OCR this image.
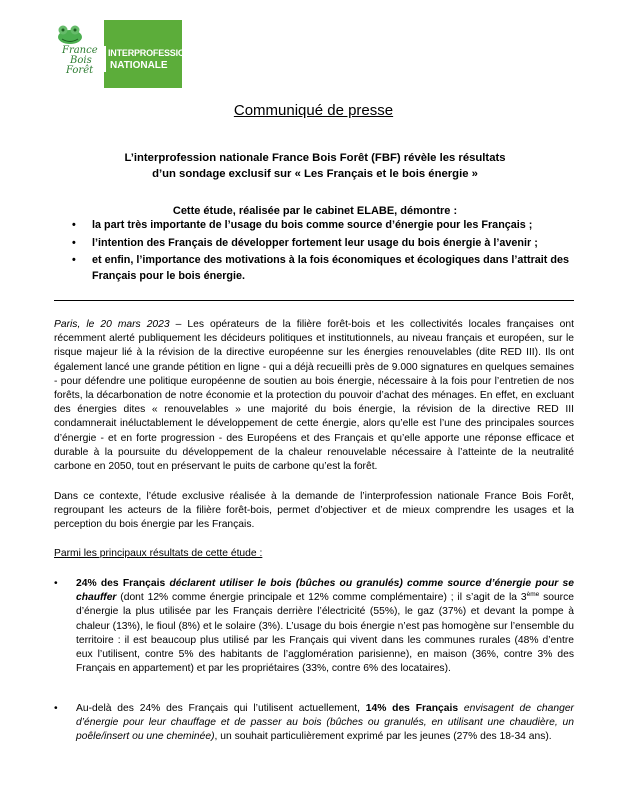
France
Bois
Forêt
INTERPROFESSION
NATIONALE
Communiqué de presse
L’interprofession nationale France Bois Forêt (FBF) révèle les résultats
d’un sondage exclusif sur « Les Français et le bois énergie »
Cette étude, réalisée par le cabinet ELABE, démontre :
• la part très importante de l’usage du bois comme source d’énergie pour les Français ;
• l’intention des Français de développer fortement leur usage du bois énergie à l’avenir ;
• et enfin, l’importance des motivations à la fois économiques et écologiques dans l’attrait des Français pour le bois énergie.

Paris, le 20 mars 2023 – Les opérateurs de la filière forêt-bois et les collectivités locales françaises ont récemment alerté publiquement les décideurs politiques et institutionnels, au niveau français et européen, sur le risque majeur lié à la révision de la directive européenne sur les énergies renouvelables (dite RED III). Ils ont également lancé une grande pétition en ligne - qui a déjà recueilli près de 9.000 signatures en quelques semaines - pour défendre une politique européenne de soutien au bois énergie, nécessaire à la fois pour l’entretien de nos forêts, la décarbonation de notre économie et la protection du pouvoir d’achat des ménages. En effet, en excluant des énergies dites « renouvelables » une majorité du bois énergie, la révision de la directive RED III condamnerait inéluctablement le développement de cette énergie, alors qu’elle est l’une des principales sources d’énergie - et en forte progression - des Européens et des Français et qu’elle apporte une réponse efficace et durable à la poursuite du développement de la chaleur renouvelable nécessaire à l’atteinte de la neutralité carbone en 2050, tout en préservant le puits de carbone qu’est la forêt.

Dans ce contexte, l’étude exclusive réalisée à la demande de l’interprofession nationale France Bois Forêt, regroupant les acteurs de la filière forêt-bois, permet d’objectiver et de mieux comprendre les usages et la perception du bois énergie par les Français.

Parmi les principaux résultats de cette étude :

• 24% des Français déclarent utiliser le bois (bûches ou granulés) comme source d’énergie pour se chauffer (dont 12% comme énergie principale et 12% comme complémentaire) ; il s’agit de la 3ème source d’énergie la plus utilisée par les Français derrière l’électricité (55%), le gaz (37%) et devant la pompe à chaleur (13%), le fioul (8%) et le solaire (3%). L’usage du bois énergie n’est pas homogène sur l’ensemble du territoire : il est beaucoup plus utilisé par les Français qui vivent dans les communes rurales (48% d’entre eux l’utilisent, contre 5% des habitants de l’agglomération parisienne), en maison (36%, contre 3% des Français en appartement) et par les propriétaires (33%, contre 6% des locataires).
• Au-delà des 24% des Français qui l’utilisent actuellement, 14% des Français envisagent de changer d’énergie pour leur chauffage et de passer au bois (bûches ou granulés, en utilisant une chaudière, un poêle/insert ou une cheminée), un souhait particulièrement exprimé par les jeunes (27% des 18-34 ans).
